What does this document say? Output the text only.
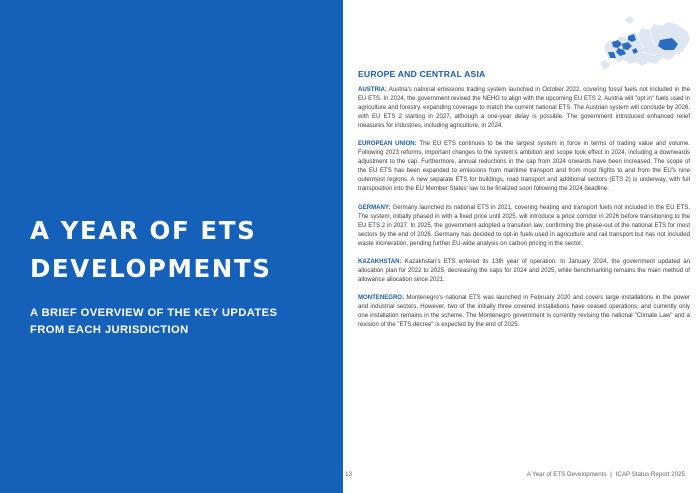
A YEAR OF ETS
DEVELOPMENTS
A BRIEF OVERVIEW OF THE KEY UPDATES
FROM EACH JURISDICTION
EUROPE AND CENTRAL ASIA

AUSTRIA: Austria's national emissions trading system launched in October 2022, covering fossil fuels not included in the EU ETS. In 2024, the government revised the NEHG to align with the upcoming EU ETS 2. Austria will "opt in" fuels used in agriculture and forestry, expanding coverage to match the current national ETS. The Austrian system will conclude by 2026, with EU ETS 2 starting in 2027, although a one-year delay is possible. The government introduced enhanced relief measures for industries, including agriculture, in 2024.

EUROPEAN UNION: The EU ETS continues to be the largest system in force in terms of trading value and volume. Following 2023 reforms, important changes to the system's ambition and scope took effect in 2024, including a downwards adjustment to the cap. Furthermore, annual reductions in the cap from 2024 onwards have been increased. The scope of the EU ETS has been expanded to emissions from maritime transport and from most flights to and from the EU's nine outermost regions. A new separate ETS for buildings, road transport and additional sectors (ETS 2) is underway, with full transposition into the EU Member States' law to be finalized soon following the 2024 deadline.

GERMANY: Germany launched its national ETS in 2021, covering heating and transport fuels not included in the EU ETS. The system, initially phased in with a fixed price until 2025, will introduce a price corridor in 2026 before transitioning to the EU ETS 2 in 2027. In 2025, the government adopted a transition law, confirming the phase-out of the national ETS for most sectors by the end of 2026. Germany has decided to opt-in fuels used in agriculture and rail transport but has not included waste incineration, pending further EU-wide analysis on carbon pricing in the sector.

KAZAKHSTAN: Kazakhstan's ETS entered its 13th year of operation. In January 2024, the government updated an allocation plan for 2022 to 2025, decreasing the caps for 2024 and 2025, while benchmarking remains the main method of allowance allocation since 2021.

MONTENEGRO: Montenegro's national ETS was launched in February 2020 and covers large installations in the power and industrial sectors. However, two of the initially three covered installations have ceased operations, and currently only one installation remains in the scheme. The Montenegro government is currently revising the national "Climate Law" and a revision of the "ETS decree" is expected by the end of 2025.

13	A Year of ETS Developments | ICAP Status Report 2025
